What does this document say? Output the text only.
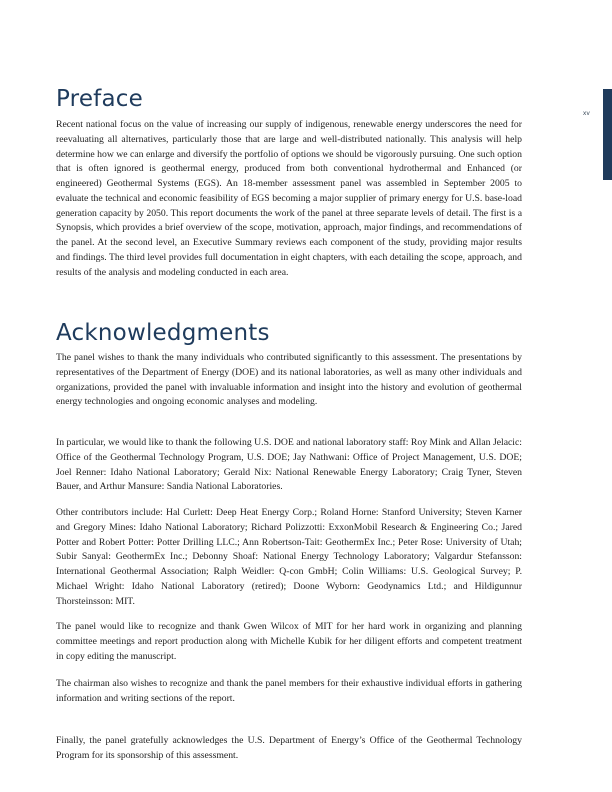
xv
Preface

Recent national focus on the value of increasing our supply of indigenous, renewable energy underscores the need for reevaluating all alternatives, particularly those that are large and well-distributed nationally. This analysis will help determine how we can enlarge and diversify the portfolio of options we should be vigorously pursuing. One such option that is often ignored is geothermal energy, produced from both conventional hydrothermal and Enhanced (or engineered) Geothermal Systems (EGS). An 18-member assessment panel was assembled in September 2005 to evaluate the technical and economic feasibility of EGS becoming a major supplier of primary energy for U.S. base-load generation capacity by 2050. This report documents the work of the panel at three separate levels of detail. The first is a Synopsis, which provides a brief overview of the scope, motivation, approach, major findings, and recommendations of the panel. At the second level, an Executive Summary reviews each component of the study, providing major results and findings. The third level provides full documentation in eight chapters, with each detailing the scope, approach, and results of the analysis and modeling conducted in each area.

Acknowledgments

The panel wishes to thank the many individuals who contributed significantly to this assessment. The presentations by representatives of the Department of Energy (DOE) and its national laboratories, as well as many other individuals and organizations, provided the panel with invaluable information and insight into the history and evolution of geothermal energy technologies and ongoing economic analyses and modeling.

In particular, we would like to thank the following U.S. DOE and national laboratory staff: Roy Mink and Allan Jelacic: Office of the Geothermal Technology Program, U.S. DOE; Jay Nathwani: Office of Project Management, U.S. DOE; Joel Renner: Idaho National Laboratory; Gerald Nix: National Renewable Energy Laboratory; Craig Tyner, Steven Bauer, and Arthur Mansure: Sandia National Laboratories.

Other contributors include: Hal Curlett: Deep Heat Energy Corp.; Roland Horne: Stanford University; Steven Karner and Gregory Mines: Idaho National Laboratory; Richard Polizzotti: ExxonMobil Research & Engineering Co.; Jared Potter and Robert Potter: Potter Drilling LLC.; Ann Robertson-Tait: GeothermEx Inc.; Peter Rose: University of Utah; Subir Sanyal: GeothermEx Inc.; Debonny Shoaf: National Energy Technology Laboratory; Valgardur Stefansson: International Geothermal Association; Ralph Weidler: Q-con GmbH; Colin Williams: U.S. Geological Survey; P. Michael Wright: Idaho National Laboratory (retired); Doone Wyborn: Geodynamics Ltd.; and Hildigunnur Thorsteinsson: MIT.

The panel would like to recognize and thank Gwen Wilcox of MIT for her hard work in organizing and planning committee meetings and report production along with Michelle Kubik for her diligent efforts and competent treatment in copy editing the manuscript.

The chairman also wishes to recognize and thank the panel members for their exhaustive individual efforts in gathering information and writing sections of the report.

Finally, the panel gratefully acknowledges the U.S. Department of Energy’s Office of the Geothermal Technology Program for its sponsorship of this assessment.
